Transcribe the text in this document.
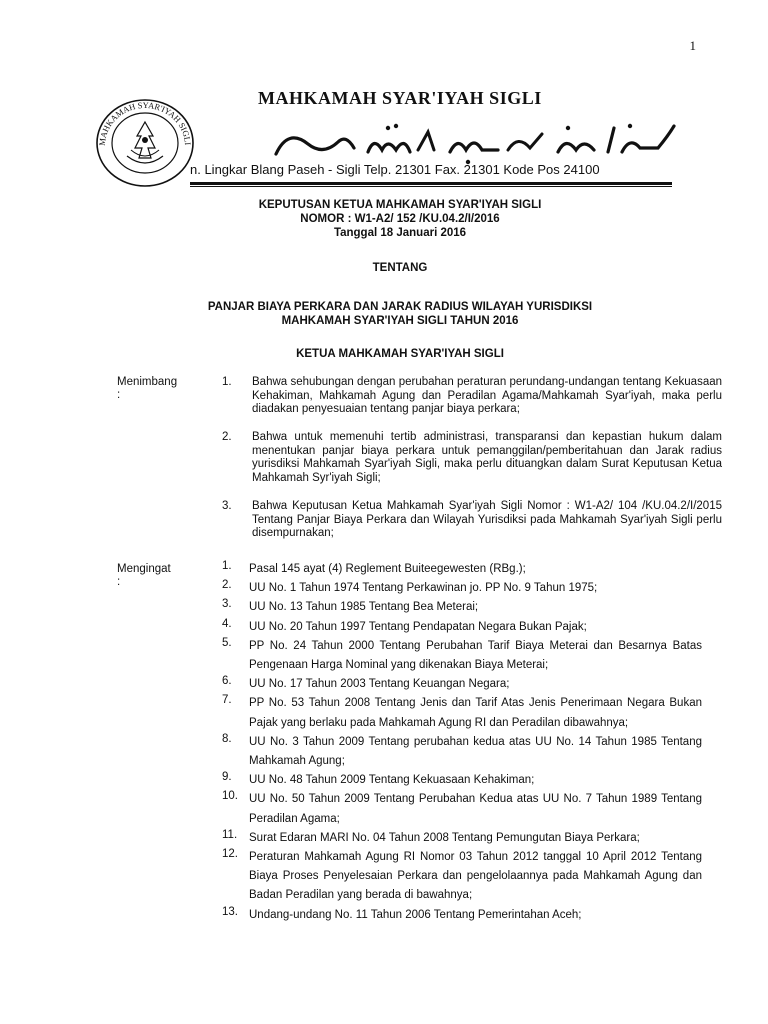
1
MAHKAMAH SYAR'IYAH SIGLI
MAHKAMAH SYAR'IYAH SIGLI
n. Lingkar Blang Paseh - Sigli Telp. 21301 Fax. 21301 Kode Pos 24100
KEPUTUSAN KETUA MAHKAMAH SYAR'IYAH SIGLI
NOMOR : W1-A2/ 152 /KU.04.2/I/2016
Tanggal 18 Januari 2016
TENTANG
PANJAR BIAYA PERKARA DAN JARAK RADIUS WILAYAH YURISDIKSI
MAHKAMAH SYAR'IYAH SIGLI TAHUN 2016
KETUA MAHKAMAH SYAR'IYAH SIGLI
Menimbang
:
1. Bahwa sehubungan dengan perubahan peraturan perundang-undangan tentang Kekuasaan Kehakiman, Mahkamah Agung dan Peradilan Agama/Mahkamah Syar'iyah, maka perlu diadakan penyesuaian tentang panjar biaya perkara;
2. Bahwa untuk memenuhi tertib administrasi, transparansi dan kepastian hukum dalam menentukan panjar biaya perkara untuk pemanggilan/pemberitahuan dan Jarak radius yurisdiksi Mahkamah Syar'iyah Sigli, maka perlu dituangkan dalam Surat Keputusan Ketua Mahkamah Syr'iyah Sigli;
3. Bahwa Keputusan Ketua Mahkamah Syar'iyah Sigli Nomor : W1-A2/ 104 /KU.04.2/I/2015 Tentang Panjar Biaya Perkara dan Wilayah Yurisdiksi pada Mahkamah Syar'iyah Sigli perlu disempurnakan;
Mengingat
:
1. Pasal 145 ayat (4) Reglement Buiteegewesten (RBg.);
2. UU No. 1 Tahun 1974 Tentang Perkawinan jo. PP No. 9 Tahun 1975;
3. UU No. 13 Tahun 1985 Tentang Bea Meterai;
4. UU No. 20 Tahun 1997 Tentang Pendapatan Negara Bukan Pajak;
5. PP No. 24 Tahun 2000 Tentang Perubahan Tarif Biaya Meterai dan Besarnya Batas Pengenaan Harga Nominal yang dikenakan Biaya Meterai;
6. UU No. 17 Tahun 2003 Tentang Keuangan Negara;
7. PP No. 53 Tahun 2008 Tentang Jenis dan Tarif Atas Jenis Penerimaan Negara Bukan Pajak yang berlaku pada Mahkamah Agung RI dan Peradilan dibawahnya;
8. UU No. 3 Tahun 2009 Tentang perubahan kedua atas UU No. 14 Tahun 1985 Tentang Mahkamah Agung;
9. UU No. 48 Tahun 2009 Tentang Kekuasaan Kehakiman;
10. UU No. 50 Tahun 2009 Tentang Perubahan Kedua atas UU No. 7 Tahun 1989 Tentang Peradilan Agama;
11. Surat Edaran MARI No. 04 Tahun 2008 Tentang Pemungutan Biaya Perkara;
12. Peraturan Mahkamah Agung RI Nomor 03 Tahun 2012 tanggal 10 April 2012 Tentang Biaya Proses Penyelesaian Perkara dan pengelolaannya pada Mahkamah Agung dan Badan Peradilan yang berada di bawahnya;
13. Undang-undang No. 11 Tahun 2006 Tentang Pemerintahan Aceh;
